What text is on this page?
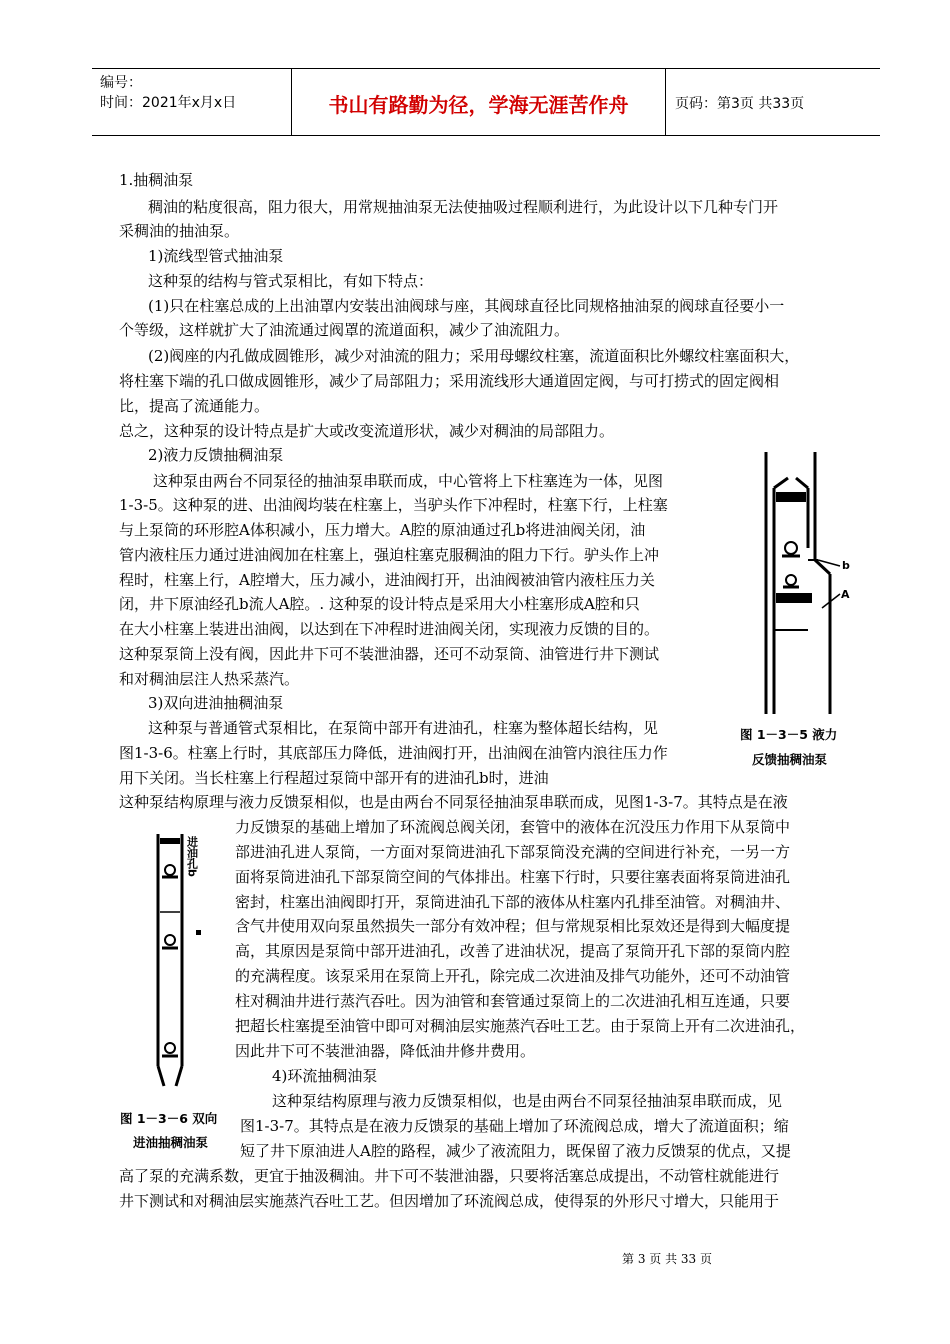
编号：
时间：2021年x月x日	书山有路勤为径，学海无涯苦作舟	页码：第3页 共33页
1.抽稠油泵
稠油的粘度很高，阻力很大，用常规抽油泵无法使抽吸过程顺利进行，为此设计以下几种专门开
采稠油的抽油泵。
1)流线型管式抽油泵
这种泵的结构与管式泵相比，有如下特点：
(1)只在柱塞总成的上出油罩内安装出油阀球与座，其阀球直径比同规格抽油泵的阀球直径要小一
个等级，这样就扩大了油流通过阀罩的流道面积，减少了油流阻力。
(2)阀座的内孔做成圆锥形，减少对油流的阻力；采用母螺纹柱塞，流道面积比外螺纹柱塞面积大，
将柱塞下端的孔口做成圆锥形，减少了局部阻力；采用流线形大通道固定阀，与可打捞式的固定阀相
比，提高了流通能力。
总之，这种泵的设计特点是扩大或改变流道形状，减少对稠油的局部阻力。
2)液力反馈抽稠油泵
这种泵由两台不同泵径的抽油泵串联而成，中心管将上下柱塞连为一体，见图
1-3-5。这种泵的进、出油阀均装在柱塞上，当驴头作下冲程时，柱塞下行，上柱塞
与上泵筒的环形腔A体积减小，压力增大。A腔的原油通过孔b将进油阀关闭，油
管内液柱压力通过进油阀加在柱塞上，强迫柱塞克服稠油的阻力下行。驴头作上冲
程时，柱塞上行，A腔增大，压力减小，进油阀打开，出油阀被油管内液柱压力关
闭，井下原油经孔b流人A腔。. 这种泵的设计特点是采用大小柱塞形成A腔和只
在大小柱塞上装进出油阀，以达到在下冲程时进油阀关闭，实现液力反馈的目的。
这种泵泵筒上没有阀，因此井下可不装泄油器，还可不动泵筒、油管进行井下测试
和对稠油层注人热采蒸汽。
3)双向进油抽稠油泵
这种泵与普通管式泵相比，在泵筒中部开有进油孔，柱塞为整体超长结构，见
图1-3-6。柱塞上行时，其底部压力降低，进油阀打开，出油阀在油管内浪往压力作
用下关闭。当长柱塞上行程超过泵筒中部开有的进油孔b时，进油
这种泵结构原理与液力反馈泵相似，也是由两台不同泵径抽油泵串联而成，见图1-3-7。其特点是在液
力反馈泵的基础上增加了环流阀总阀关闭，套管中的液体在沉没压力作用下从泵筒中
部进油孔进人泵筒，一方面对泵筒进油孔下部泵筒没充满的空间进行补充，一另一方
面将泵筒进油孔下部泵筒空间的气体排出。柱塞下行时，只要往塞表面将泵筒进油孔
密封，柱塞出油阀即打开，泵筒进油孔下部的液体从柱塞内孔排至油管。对稠油井、
含气井使用双向泵虽然损失一部分有效冲程；但与常规泵相比泵效还是得到大幅度提
高，其原因是泵筒中部开进油孔，改善了进油状况，提高了泵筒开孔下部的泵筒内腔
的充满程度。该泵采用在泵筒上开孔，除完成二次进油及排气功能外，还可不动油管
柱对稠油井进行蒸汽吞吐。因为油管和套管通过泵筒上的二次进油孔相互连通，只要
把超长柱塞提至油管中即可对稠油层实施蒸汽吞吐工艺。由于泵筒上开有二次进油孔，
因此井下可不装泄油器，降低油井修井费用。
4)环流抽稠油泵
这种泵结构原理与液力反馈泵相似，也是由两台不同泵径抽油泵串联而成，见
图1-3-7。其特点是在液力反馈泵的基础上增加了环流阀总成，增大了流道面积；缩
短了井下原油进人A腔的路程，减少了液流阻力，既保留了液力反馈泵的优点，又提
高了泵的充满系数，更宜于抽汲稠油。井下可不装泄油器，只要将活塞总成提出，不动管柱就能进行
井下测试和对稠油层实施蒸汽吞吐工艺。但因增加了环流阀总成，使得泵的外形尺寸增大，只能用于
b
A
图 1－3－5 液力
反馈抽稠油泵
进油孔b
图 1－3－6 双向
进油抽稠油泵
第 3 页 共 33 页
